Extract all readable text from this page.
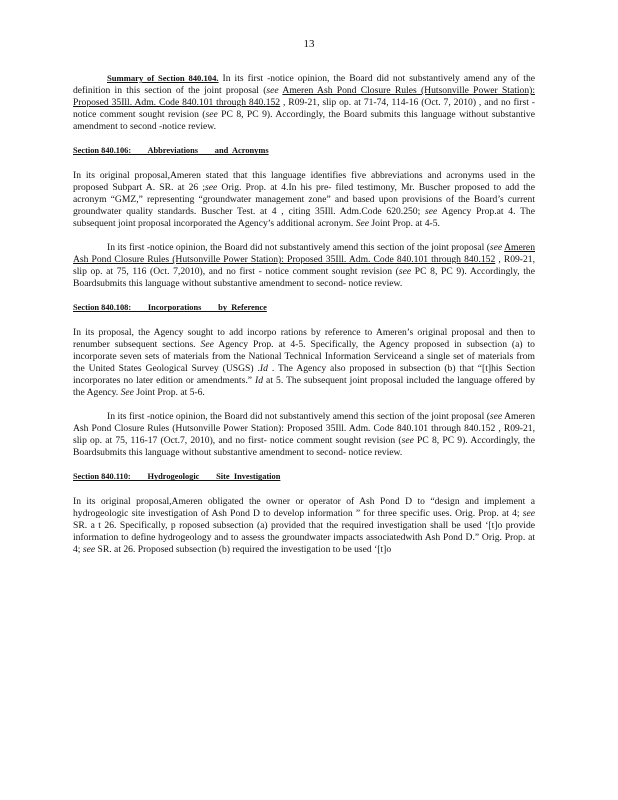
13

Summary of Section 840.104. In its first -notice opinion, the Board did not substantively amend any of the definition in this section of the joint proposal (see Ameren Ash Pond Closure Rules (Hutsonville Power Station): Proposed 35Ill. Adm. Code 840.101 through 840.152 , R09-21, slip op. at 71-74, 114-16 (Oct. 7, 2010) , and no first -notice comment sought revision (see PC 8, PC 9). Accordingly, the Board submits this language without substantive amendment to second -notice review.

Section 840.106:        Abbreviations        and  Acronyms

In its original proposal,Ameren stated that this language identifies five abbreviations and acronyms used in the proposed Subpart A. SR. at 26 ;see Orig. Prop. at 4.In his pre- filed testimony, Mr. Buscher proposed to add the acronym “GMZ,” representing “groundwater management zone” and based upon provisions of the Board’s current groundwater quality standards. Buscher Test. at 4 , citing 35Ill. Adm.Code 620.250; see Agency Prop.at 4. The subsequent joint proposal incorporated the Agency’s additional acronym. See Joint Prop. at 4-5.

In its first -notice opinion, the Board did not substantively amend this section of the joint proposal (see Ameren Ash Pond Closure Rules (Hutsonville Power Station): Proposed 35Ill. Adm. Code 840.101 through 840.152 , R09-21, slip op. at 75, 116 (Oct. 7,2010), and no first - notice comment sought revision (see PC 8, PC 9). Accordingly, the Boardsubmits this language without substantive amendment to second- notice review.

Section 840.108:        Incorporations        by  Reference

In its proposal, the Agency sought to add incorpo rations by reference to Ameren’s original proposal and then to renumber subsequent sections. See Agency Prop. at 4-5. Specifically, the Agency proposed in subsection (a) to incorporate seven sets of materials from the National Technical Information Serviceand a single set of materials from the United States Geological Survey (USGS) .Id . The Agency also proposed in subsection (b) that “[t]his Section incorporates no later edition or amendments.” Id at 5. The subsequent joint proposal included the language offered by the Agency. See Joint Prop. at 5-6.

In its first -notice opinion, the Board did not substantively amend this section of the joint proposal (see Ameren Ash Pond Closure Rules (Hutsonville Power Station): Proposed 35Ill. Adm. Code 840.101 through 840.152 , R09-21, slip op. at 75, 116-17 (Oct.7, 2010), and no first- notice comment sought revision (see PC 8, PC 9). Accordingly, the Boardsubmits this language without substantive amendment to second- notice review.

Section 840.110:        Hydrogeologic        Site  Investigation

In its original proposal,Ameren obligated the owner or operator of Ash Pond D to “design and implement a hydrogeologic site investigation of Ash Pond D to develop information ” for three specific uses. Orig. Prop. at 4; see SR. a t 26. Specifically, p roposed subsection (a) provided that the required investigation shall be used ‘[t]o provide information to define hydrogeology and to assess the groundwater impacts associatedwith Ash Pond D.” Orig. Prop. at 4; see SR. at 26. Proposed subsection (b) required the investigation to be used ‘[t]o
